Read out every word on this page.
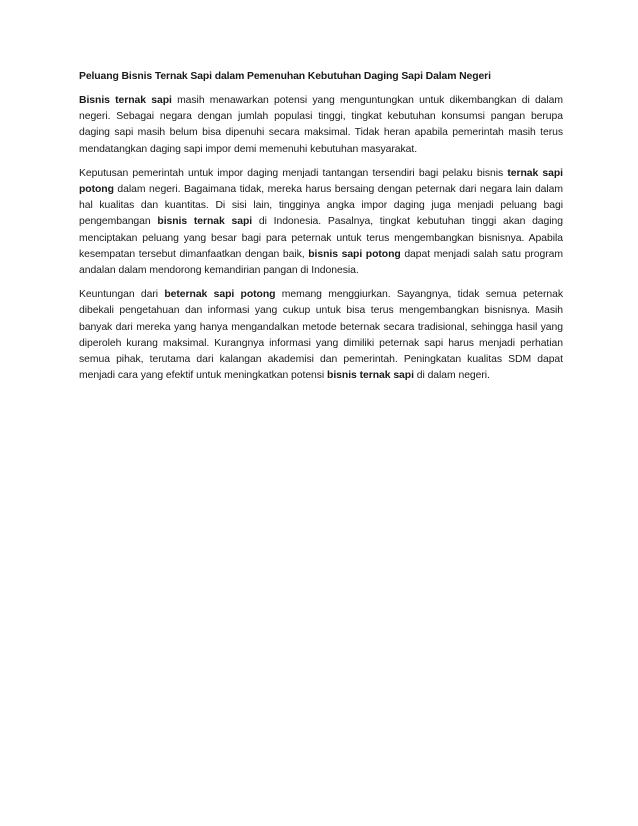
Peluang Bisnis Ternak Sapi dalam Pemenuhan Kebutuhan Daging Sapi Dalam Negeri

Bisnis ternak sapi masih menawarkan potensi yang menguntungkan untuk dikembangkan di dalam negeri. Sebagai negara dengan jumlah populasi tinggi, tingkat kebutuhan konsumsi pangan berupa daging sapi masih belum bisa dipenuhi secara maksimal. Tidak heran apabila pemerintah masih terus mendatangkan daging sapi impor demi memenuhi kebutuhan masyarakat.

Keputusan pemerintah untuk impor daging menjadi tantangan tersendiri bagi pelaku bisnis ternak sapi potong dalam negeri. Bagaimana tidak, mereka harus bersaing dengan peternak dari negara lain dalam hal kualitas dan kuantitas. Di sisi lain, tingginya angka impor daging juga menjadi peluang bagi pengembangan bisnis ternak sapi di Indonesia. Pasalnya, tingkat kebutuhan tinggi akan daging menciptakan peluang yang besar bagi para peternak untuk terus mengembangkan bisnisnya. Apabila kesempatan tersebut dimanfaatkan dengan baik, bisnis sapi potong dapat menjadi salah satu program andalan dalam mendorong kemandirian pangan di Indonesia.

Keuntungan dari beternak sapi potong memang menggiurkan. Sayangnya, tidak semua peternak dibekali pengetahuan dan informasi yang cukup untuk bisa terus mengembangkan bisnisnya. Masih banyak dari mereka yang hanya mengandalkan metode beternak secara tradisional, sehingga hasil yang diperoleh kurang maksimal. Kurangnya informasi yang dimiliki peternak sapi harus menjadi perhatian semua pihak, terutama dari kalangan akademisi dan pemerintah. Peningkatan kualitas SDM dapat menjadi cara yang efektif untuk meningkatkan potensi bisnis ternak sapi di dalam negeri.
